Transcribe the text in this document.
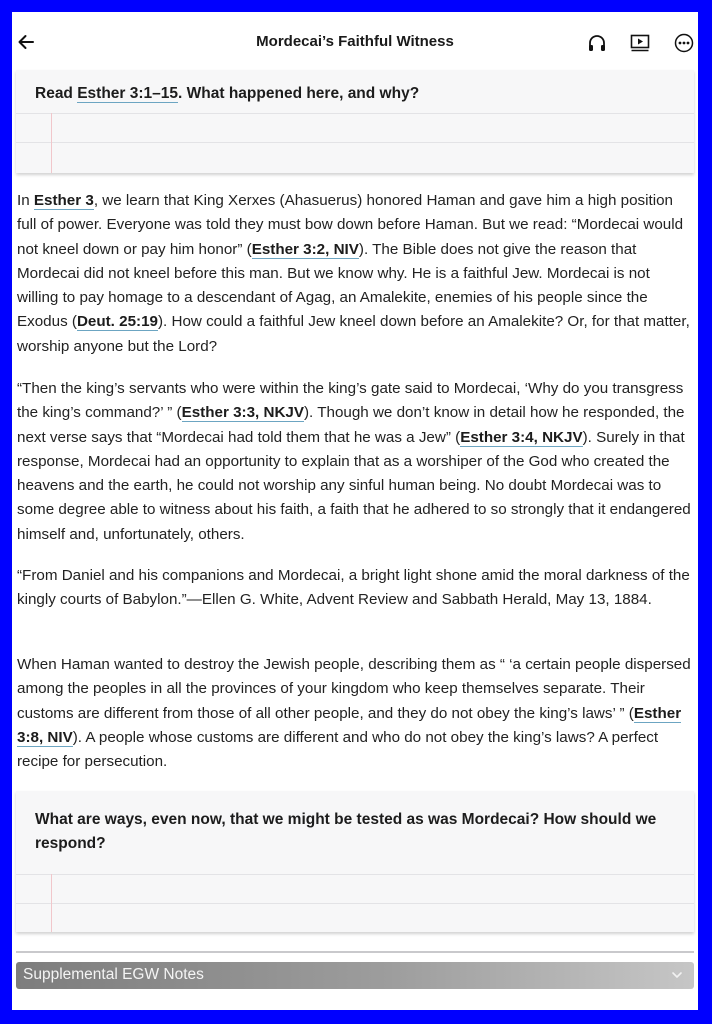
Mordecai’s Faithful Witness
Read Esther 3:1–15. What happened here, and why?

In Esther 3, we learn that King Xerxes (Ahasuerus) honored Haman and gave him a high position full of power. Everyone was told they must bow down before Haman. But we read: “Mordecai would not kneel down or pay him honor” (Esther 3:2, NIV). The Bible does not give the reason that Mordecai did not kneel before this man. But we know why. He is a faithful Jew. Mordecai is not willing to pay homage to a descendant of Agag, an Amalekite, enemies of his people since the Exodus (Deut. 25:19). How could a faithful Jew kneel down before an Amalekite? Or, for that matter, worship anyone but the Lord?

“Then the king’s servants who were within the king’s gate said to Mordecai, ‘Why do you transgress the king’s command?’ ” (Esther 3:3, NKJV). Though we don’t know in detail how he responded, the next verse says that “Mordecai had told them that he was a Jew” (Esther 3:4, NKJV). Surely in that response, Mordecai had an opportunity to explain that as a worshiper of the God who created the heavens and the earth, he could not worship any sinful human being. No doubt Mordecai was to some degree able to witness about his faith, a faith that he adhered to so strongly that it endangered himself and, unfortunately, others.

“From Daniel and his companions and Mordecai, a bright light shone amid the moral darkness of the kingly courts of Babylon.”—Ellen G. White, Advent Review and Sabbath Herald, May 13, 1884.

When Haman wanted to destroy the Jewish people, describing them as “ ‘a certain people dispersed among the peoples in all the provinces of your kingdom who keep themselves separate. Their customs are different from those of all other people, and they do not obey the king’s laws’ ” (Esther 3:8, NIV). A people whose customs are different and who do not obey the king’s laws? A perfect recipe for persecution.

What are ways, even now, that we might be tested as was Mordecai? How should we respond?
Supplemental EGW Notes
